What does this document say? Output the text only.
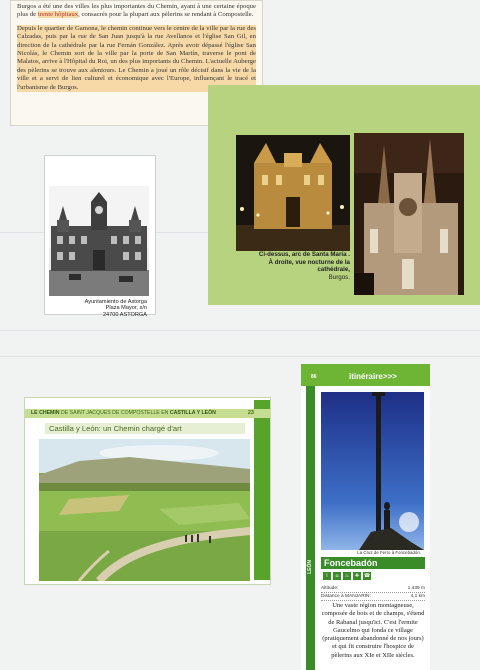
Burgos a été une des villes les plus importantes du Chemin, ayant à une certaine époque plus de trente hôpitaux, consacrés pour la plupart aux pèlerins se rendant à Compostelle.

Depuis le quartier de Gamona, le chemin continue vers le centre de la ville par la rue des Calzadas, puis par la rue de San Juan jusqu'à la rue Avellanos et l'église San Gil, en direction de la cathédrale par la rue Fernán González. Après avoir dépassé l'église San Nicolás, le Chemin sort de la ville par la porte de San Martín, traverse le pont de Malatos, arrive à l'Hôpital du Roi, un des plus importants du Chemin. L'actuelle Auberge des pèlerins se trouve aux alentours. Le Chemin a joué un rôle décisif dans la vie de la ville et a servi de lien culturel et économique avec l'Europe, influençant le tracé et l'urbanisme de Burgos.

Ayuntamiento de Astorga
Plaza Mayor, s/n
24700 ASTORGA
Ci-dessus, arc de Santa María .
À droite, vue nocturne de la
cathédrale,
Burgos.
LE CHEMIN DE SAINT JACQUES DE COMPOSTELLE EN CASTILLA Y LEÓN	23
Castilla y León: un Chemin chargé d'art
86	itinéraire>>>
LEÓN
La Cruz de Ferro à Foncebadón.
Foncebadón
i	⌂	♨	✚ ☎
Altitude:	1.439 m
Distance à MANJARIN:	4,1 km

Une vaste région montagneuse, composée de bois et de champs, s'étend de Rabanal jusqu'ici. C'est l'ermite Gaucelmo qui fonda ce village (pratiquement abandonné de nos jours) et qui fit construire l'hospice de pèlerins aux XIe et XIIe siècles.
